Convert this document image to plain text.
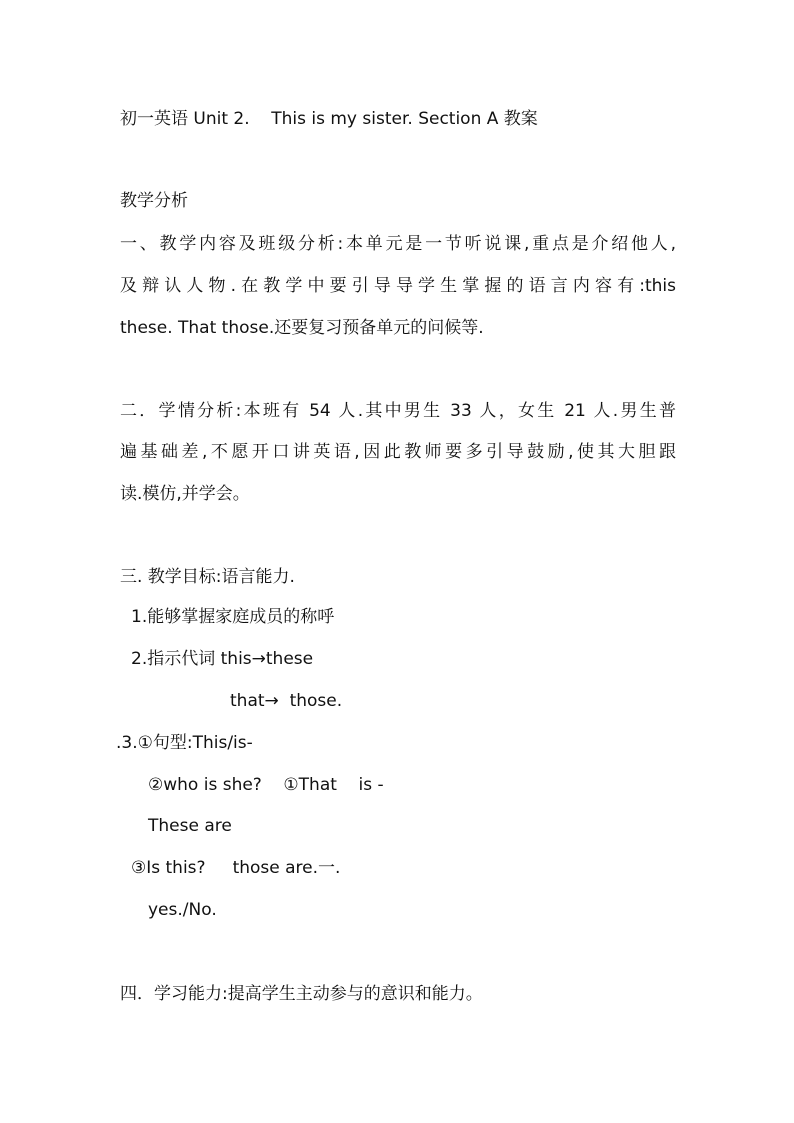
初一英语 Unit 2.    This is my sister. Section A 教案
教学分析
一、教学内容及班级分析:本单元是一节听说课,重点是介绍他人,
及辩认人物.在教学中要引导导学生掌握的语言内容有:this
these. That those.还要复习预备单元的问候等.
二．学情分析:本班有 54 人.其中男生 33 人，女生 21 人.男生普
遍基础差,不愿开口讲英语,因此教师要多引导鼓励,使其大胆跟
读.模仿,并学会。
三. 教学目标:语言能力.
1.能够掌握家庭成员的称呼
2.指示代词 this→these
that→  those.
.3.①句型:This/is-
②who is she?    ①That    is -
These are
③Is this?     those are.一.
yes./No.
四．学习能力:提高学生主动参与的意识和能力。
